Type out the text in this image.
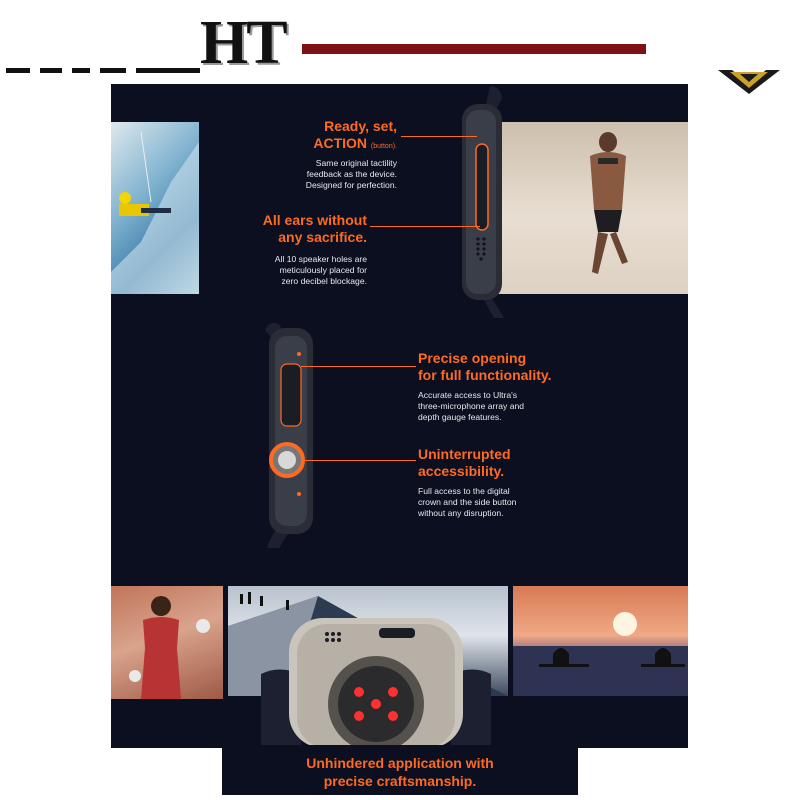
HT
Ready, set,
ACTION (button).
Same original tactility
feedback as the device.
Designed for perfection.
All ears without
any sacrifice.
All 10 speaker holes are
meticulously placed for
zero decibel blockage.
Precise opening
for full functionality.
Accurate access to Ultra's
three-microphone array and
depth gauge features.
Uninterrupted
accessibility.
Full access to the digital
crown and the side button
without any disruption.
Unhindered application with
precise craftsmanship.
